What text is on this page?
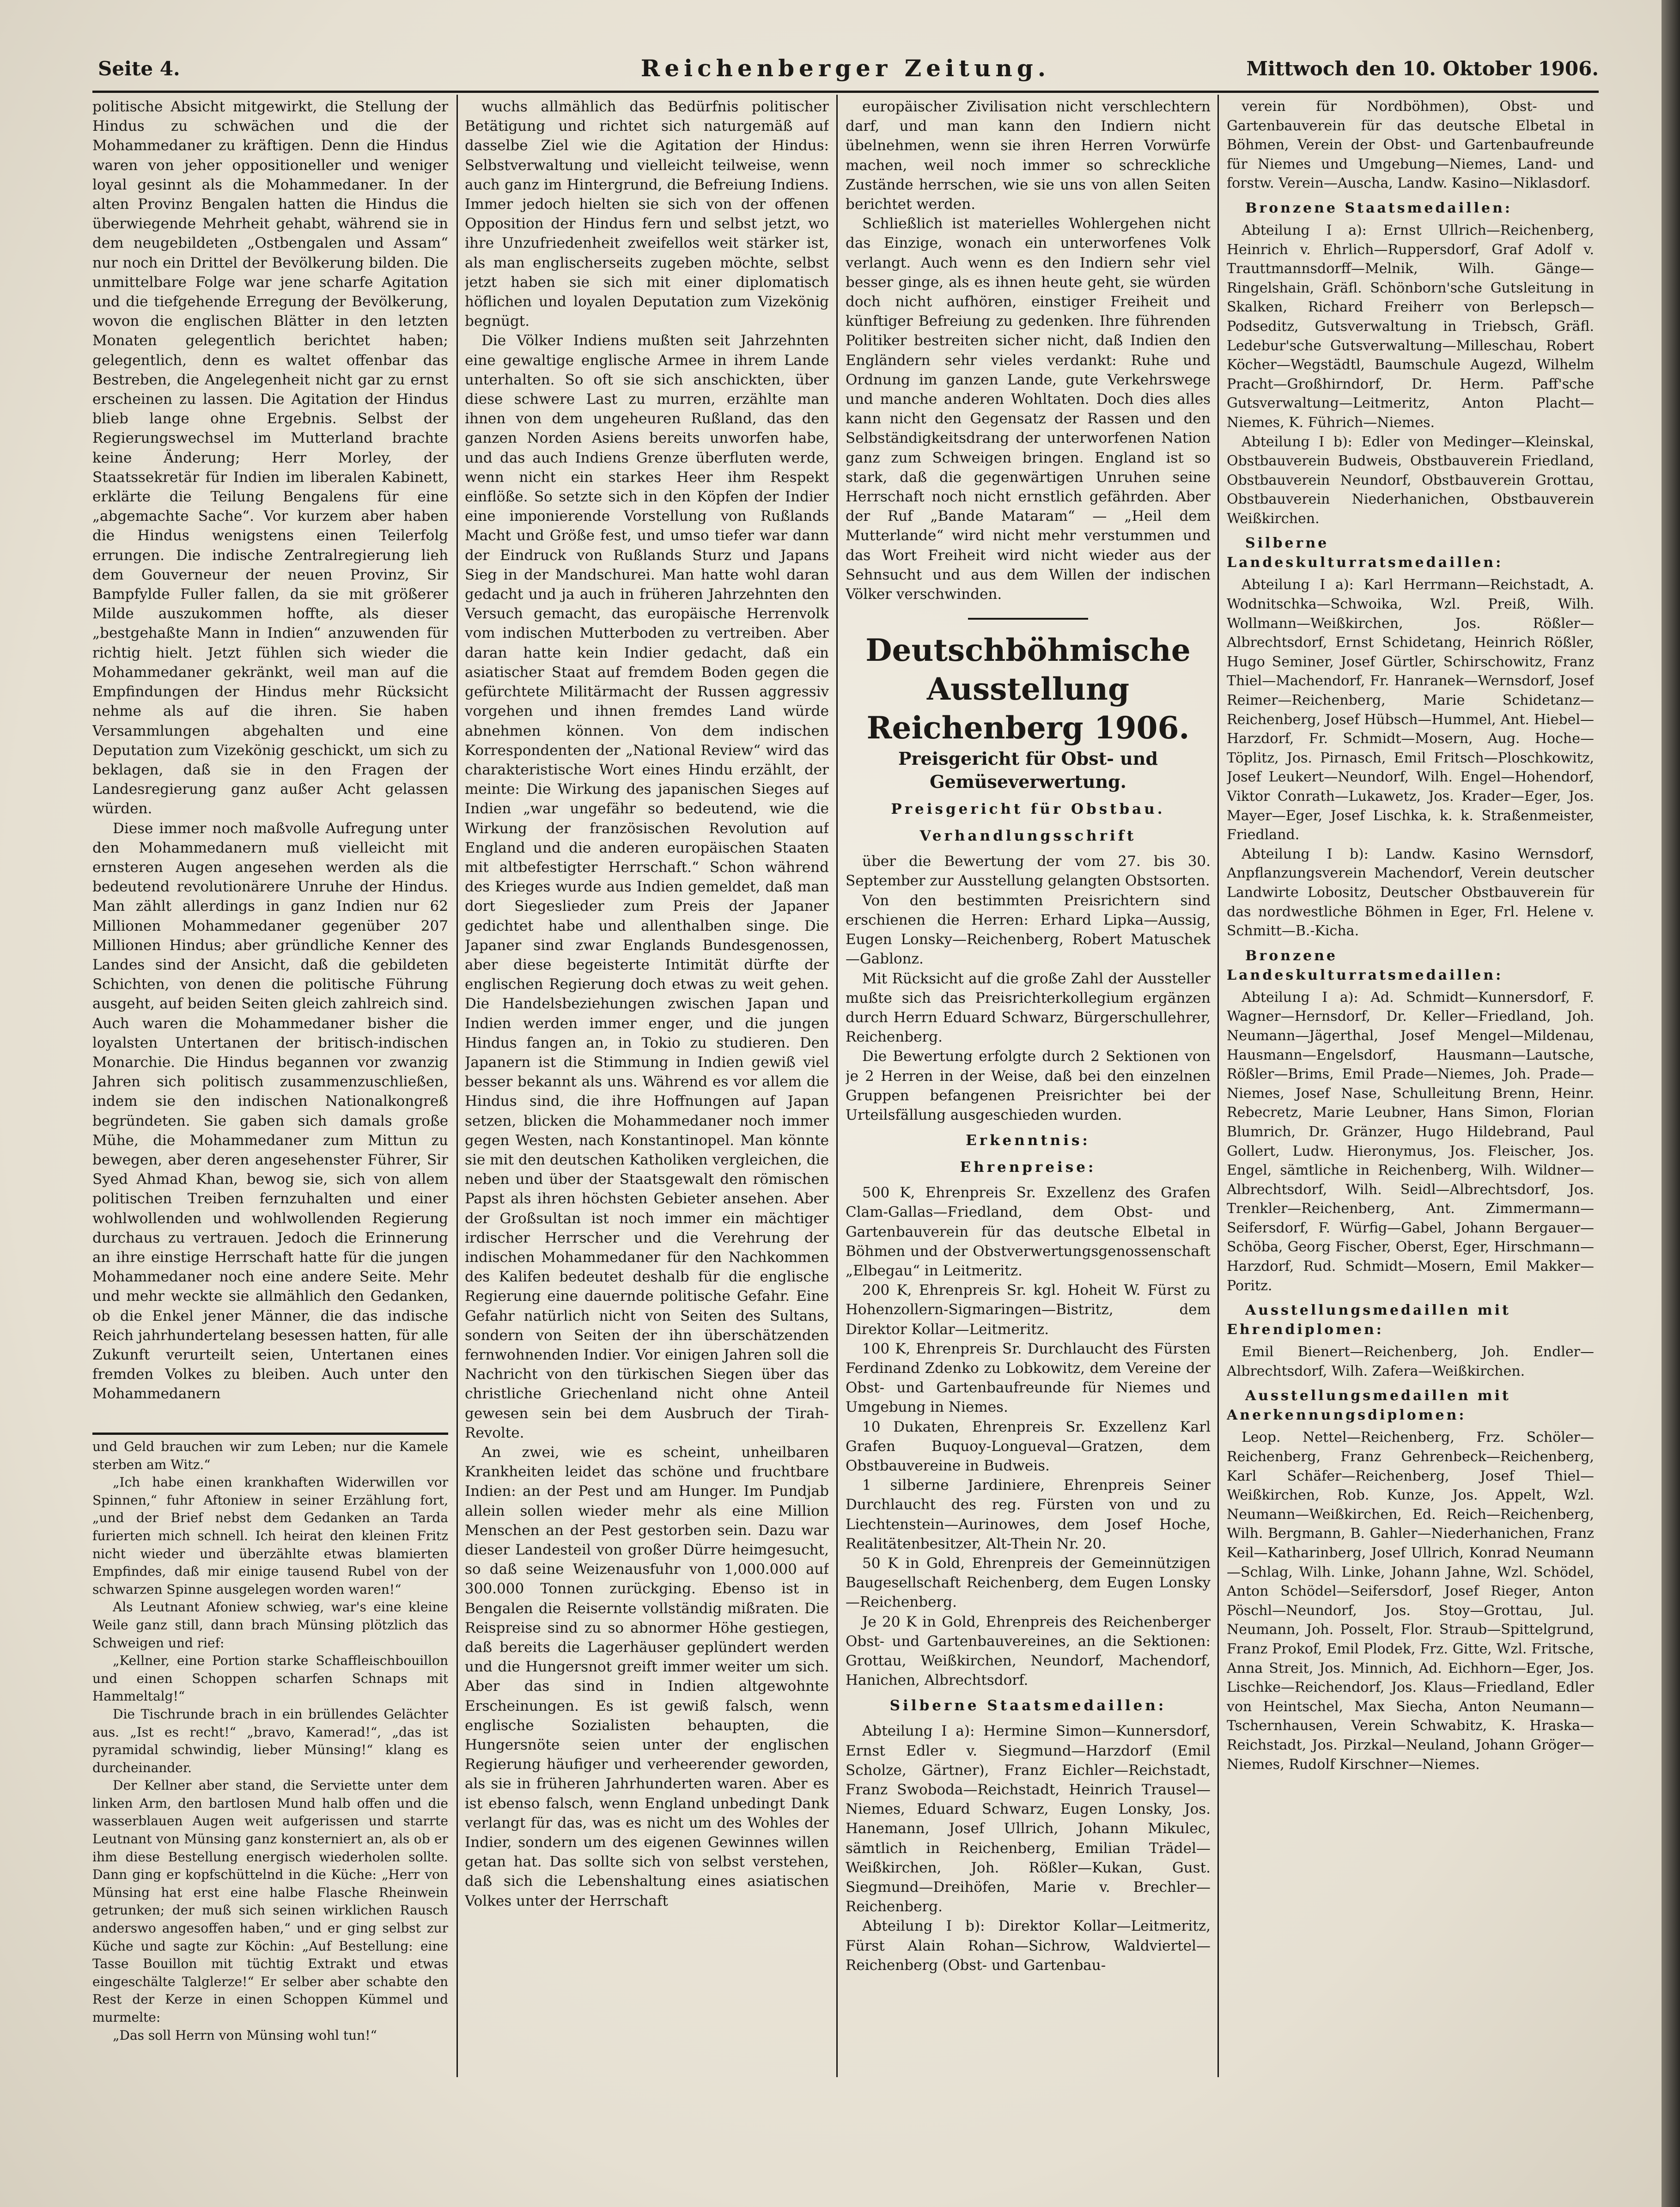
Seite 4.	Reichenberger Zeitung.	Mittwoch den 10. Oktober 1906.

politische Absicht mitgewirkt, die Stellung der Hindus zu schwächen und die der Mohammedaner zu kräftigen. Denn die Hindus waren von jeher oppositioneller und weniger loyal gesinnt als die Mohammedaner. In der alten Provinz Bengalen hatten die Hindus die überwiegende Mehrheit gehabt, während sie in dem neugebildeten „Ostbengalen und Assam“ nur noch ein Drittel der Bevölkerung bilden. Die unmittelbare Folge war jene scharfe Agitation und die tiefgehende Erregung der Bevölkerung, wovon die englischen Blätter in den letzten Monaten gelegentlich berichtet haben; gelegentlich, denn es waltet offenbar das Bestreben, die Angelegenheit nicht gar zu ernst erscheinen zu lassen. Die Agitation der Hindus blieb lange ohne Ergebnis. Selbst der Regierungswechsel im Mutterland brachte keine Änderung; Herr Morley, der Staatssekretär für Indien im liberalen Kabinett, erklärte die Teilung Bengalens für eine „abgemachte Sache“. Vor kurzem aber haben die Hindus wenigstens einen Teilerfolg errungen. Die indische Zentralregierung lieh dem Gouverneur der neuen Provinz, Sir Bampfylde Fuller fallen, da sie mit größerer Milde auszukommen hoffte, als dieser „bestgehaßte Mann in Indien“ anzuwenden für richtig hielt. Jetzt fühlen sich wieder die Mohammedaner gekränkt, weil man auf die Empfindungen der Hindus mehr Rücksicht nehme als auf die ihren. Sie haben Versammlungen abgehalten und eine Deputation zum Vizekönig geschickt, um sich zu beklagen, daß sie in den Fragen der Landesregierung ganz außer Acht gelassen würden.

Diese immer noch maßvolle Aufregung unter den Mohammedanern muß vielleicht mit ernsteren Augen angesehen werden als die bedeutend revolutionärere Unruhe der Hindus. Man zählt allerdings in ganz Indien nur 62 Millionen Mohammedaner gegenüber 207 Millionen Hindus; aber gründliche Kenner des Landes sind der Ansicht, daß die gebildeten Schichten, von denen die politische Führung ausgeht, auf beiden Seiten gleich zahlreich sind. Auch waren die Mohammedaner bisher die loyalsten Untertanen der britisch-indischen Monarchie. Die Hindus begannen vor zwanzig Jahren sich politisch zusammenzuschließen, indem sie den indischen Nationalkongreß begründeten. Sie gaben sich damals große Mühe, die Mohammedaner zum Mittun zu bewegen, aber deren angesehenster Führer, Sir Syed Ahmad Khan, bewog sie, sich von allem politischen Treiben fernzuhalten und einer wohlwollenden und wohlwollenden Regierung durchaus zu vertrauen. Jedoch die Erinnerung an ihre einstige Herrschaft hatte für die jungen Mohammedaner noch eine andere Seite. Mehr und mehr weckte sie allmählich den Gedanken, ob die Enkel jener Männer, die das indische Reich jahrhundertelang besessen hatten, für alle Zukunft verurteilt seien, Untertanen eines fremden Volkes zu bleiben. Auch unter den Mohammedanern

und Geld brauchen wir zum Leben; nur die Kamele sterben am Witz.“

„Ich habe einen krankhaften Widerwillen vor Spinnen,“ fuhr Aftoniew in seiner Erzählung fort, „und der Brief nebst dem Gedanken an Tarda furierten mich schnell. Ich heirat den kleinen Fritz nicht wieder und überzählte etwas blamierten Empfindes, daß mir einige tausend Rubel von der schwarzen Spinne ausgelegen worden waren!“

Als Leutnant Afoniew schwieg, war's eine kleine Weile ganz still, dann brach Münsing plötzlich das Schweigen und rief:

„Kellner, eine Portion starke Schaffleischbouillon und einen Schoppen scharfen Schnaps mit Hammeltalg!“

Die Tischrunde brach in ein brüllendes Gelächter aus. „Ist es recht!“ „bravo, Kamerad!“, „das ist pyramidal schwindig, lieber Münsing!“ klang es durcheinander.

Der Kellner aber stand, die Serviette unter dem linken Arm, den bartlosen Mund halb offen und die wasserblauen Augen weit aufgerissen und starrte Leutnant von Münsing ganz konsterniert an, als ob er ihm diese Bestellung energisch wiederholen sollte. Dann ging er kopfschüttelnd in die Küche: „Herr von Münsing hat erst eine halbe Flasche Rheinwein getrunken; der muß sich seinen wirklichen Rausch anderswo angesoffen haben,“ und er ging selbst zur Küche und sagte zur Köchin: „Auf Bestellung: eine Tasse Bouillon mit tüchtig Extrakt und etwas eingeschälte Talglerze!“ Er selber aber schabte den Rest der Kerze in einen Schoppen Kümmel und murmelte:

„Das soll Herrn von Münsing wohl tun!“

wuchs allmählich das Bedürfnis politischer Betätigung und richtet sich naturgemäß auf dasselbe Ziel wie die Agitation der Hindus: Selbstverwaltung und vielleicht teilweise, wenn auch ganz im Hintergrund, die Befreiung Indiens. Immer jedoch hielten sie sich von der offenen Opposition der Hindus fern und selbst jetzt, wo ihre Unzufriedenheit zweifellos weit stärker ist, als man englischerseits zugeben möchte, selbst jetzt haben sie sich mit einer diplomatisch höflichen und loyalen Deputation zum Vizekönig begnügt.

Die Völker Indiens mußten seit Jahrzehnten eine gewaltige englische Armee in ihrem Lande unterhalten. So oft sie sich anschickten, über diese schwere Last zu murren, erzählte man ihnen von dem ungeheuren Rußland, das den ganzen Norden Asiens bereits unworfen habe, und das auch Indiens Grenze überfluten werde, wenn nicht ein starkes Heer ihm Respekt einflöße. So setzte sich in den Köpfen der Indier eine imponierende Vorstellung von Rußlands Macht und Größe fest, und umso tiefer war dann der Eindruck von Rußlands Sturz und Japans Sieg in der Mandschurei. Man hatte wohl daran gedacht und ja auch in früheren Jahrzehnten den Versuch gemacht, das europäische Herrenvolk vom indischen Mutterboden zu vertreiben. Aber daran hatte kein Indier gedacht, daß ein asiatischer Staat auf fremdem Boden gegen die gefürchtete Militärmacht der Russen aggressiv vorgehen und ihnen fremdes Land würde abnehmen können. Von dem indischen Korrespondenten der „National Review“ wird das charakteristische Wort eines Hindu erzählt, der meinte: Die Wirkung des japanischen Sieges auf Indien „war ungefähr so bedeutend, wie die Wirkung der französischen Revolution auf England und die anderen europäischen Staaten mit altbefestigter Herrschaft.“ Schon während des Krieges wurde aus Indien gemeldet, daß man dort Siegeslieder zum Preis der Japaner gedichtet habe und allenthalben singe. Die Japaner sind zwar Englands Bundesgenossen, aber diese begeisterte Intimität dürfte der englischen Regierung doch etwas zu weit gehen. Die Handelsbeziehungen zwischen Japan und Indien werden immer enger, und die jungen Hindus fangen an, in Tokio zu studieren. Den Japanern ist die Stimmung in Indien gewiß viel besser bekannt als uns. Während es vor allem die Hindus sind, die ihre Hoffnungen auf Japan setzen, blicken die Mohammedaner noch immer gegen Westen, nach Konstantinopel. Man könnte sie mit den deutschen Katholiken vergleichen, die neben und über der Staatsgewalt den römischen Papst als ihren höchsten Gebieter ansehen. Aber der Großsultan ist noch immer ein mächtiger irdischer Herrscher und die Verehrung der indischen Mohammedaner für den Nachkommen des Kalifen bedeutet deshalb für die englische Regierung eine dauernde politische Gefahr. Eine Gefahr natürlich nicht von Seiten des Sultans, sondern von Seiten der ihn überschätzenden fernwohnenden Indier. Vor einigen Jahren soll die Nachricht von den türkischen Siegen über das christliche Griechenland nicht ohne Anteil gewesen sein bei dem Ausbruch der Tirah-Revolte.

An zwei, wie es scheint, unheilbaren Krankheiten leidet das schöne und fruchtbare Indien: an der Pest und am Hunger. Im Pundjab allein sollen wieder mehr als eine Million Menschen an der Pest gestorben sein. Dazu war dieser Landesteil von großer Dürre heimgesucht, so daß seine Weizenausfuhr von 1,000.000 auf 300.000 Tonnen zurückging. Ebenso ist in Bengalen die Reisernte vollständig mißraten. Die Reispreise sind zu so abnormer Höhe gestiegen, daß bereits die Lagerhäuser geplündert werden und die Hungersnot greift immer weiter um sich. Aber das sind in Indien altgewohnte Erscheinungen. Es ist gewiß falsch, wenn englische Sozialisten behaupten, die Hungersnöte seien unter der englischen Regierung häufiger und verheerender geworden, als sie in früheren Jahrhunderten waren. Aber es ist ebenso falsch, wenn England unbedingt Dank verlangt für das, was es nicht um des Wohles der Indier, sondern um des eigenen Gewinnes willen getan hat. Das sollte sich von selbst verstehen, daß sich die Lebenshaltung eines asiatischen Volkes unter der Herrschaft

europäischer Zivilisation nicht verschlechtern darf, und man kann den Indiern nicht übelnehmen, wenn sie ihren Herren Vorwürfe machen, weil noch immer so schreckliche Zustände herrschen, wie sie uns von allen Seiten berichtet werden.

Schließlich ist materielles Wohlergehen nicht das Einzige, wonach ein unterworfenes Volk verlangt. Auch wenn es den Indiern sehr viel besser ginge, als es ihnen heute geht, sie würden doch nicht aufhören, einstiger Freiheit und künftiger Befreiung zu gedenken. Ihre führenden Politiker bestreiten sicher nicht, daß Indien den Engländern sehr vieles verdankt: Ruhe und Ordnung im ganzen Lande, gute Verkehrswege und manche anderen Wohltaten. Doch dies alles kann nicht den Gegensatz der Rassen und den Selbständigkeitsdrang der unterworfenen Nation ganz zum Schweigen bringen. England ist so stark, daß die gegenwärtigen Unruhen seine Herrschaft noch nicht ernstlich gefährden. Aber der Ruf „Bande Mataram“ — „Heil dem Mutterlande“ wird nicht mehr verstummen und das Wort Freiheit wird nicht wieder aus der Sehnsucht und aus dem Willen der indischen Völker verschwinden.

Deutschböhmische Ausstellung Reichenberg 1906.
Preisgericht für Obst- und Gemüseverwertung.
Preisgericht für Obstbau.
Verhandlungsschrift

über die Bewertung der vom 27. bis 30. September zur Ausstellung gelangten Obstsorten.

Von den bestimmten Preisrichtern sind erschienen die Herren: Erhard Lipka—Aussig, Eugen Lonsky—Reichenberg, Robert Matuschek—Gablonz.

Mit Rücksicht auf die große Zahl der Aussteller mußte sich das Preisrichterkollegium ergänzen durch Herrn Eduard Schwarz, Bürgerschullehrer, Reichenberg.

Die Bewertung erfolgte durch 2 Sektionen von je 2 Herren in der Weise, daß bei den einzelnen Gruppen befangenen Preisrichter bei der Urteilsfällung ausgeschieden wurden.

Erkenntnis:
Ehrenpreise:

500 K, Ehrenpreis Sr. Exzellenz des Grafen Clam-Gallas—Friedland, dem Obst- und Gartenbauverein für das deutsche Elbetal in Böhmen und der Obstverwertungsgenossenschaft „Elbegau“ in Leitmeritz.

200 K, Ehrenpreis Sr. kgl. Hoheit W. Fürst zu Hohenzollern-Sigmaringen—Bistritz, dem Direktor Kollar—Leitmeritz.

100 K, Ehrenpreis Sr. Durchlaucht des Fürsten Ferdinand Zdenko zu Lobkowitz, dem Vereine der Obst- und Gartenbaufreunde für Niemes und Umgebung in Niemes.

10 Dukaten, Ehrenpreis Sr. Exzellenz Karl Grafen Buquoy-Longueval—Gratzen, dem Obstbauvereine in Budweis.

1 silberne Jardiniere, Ehrenpreis Seiner Durchlaucht des reg. Fürsten von und zu Liechtenstein—Aurinowes, dem Josef Hoche, Realitätenbesitzer, Alt-Thein Nr. 20.

50 K in Gold, Ehrenpreis der Gemeinnützigen Baugesellschaft Reichenberg, dem Eugen Lonsky—Reichenberg.

Je 20 K in Gold, Ehrenpreis des Reichenberger Obst- und Gartenbauvereines, an die Sektionen: Grottau, Weißkirchen, Neundorf, Machendorf, Hanichen, Albrechtsdorf.

Silberne Staatsmedaillen:

Abteilung I a): Hermine Simon—Kunnersdorf, Ernst Edler v. Siegmund—Harzdorf (Emil Scholze, Gärtner), Franz Eichler—Reichstadt, Franz Swoboda—Reichstadt, Heinrich Trausel—Niemes, Eduard Schwarz, Eugen Lonsky, Jos. Hanemann, Josef Ullrich, Johann Mikulec, sämtlich in Reichenberg, Emilian Trädel—Weißkirchen, Joh. Rößler—Kukan, Gust. Siegmund—Dreihöfen, Marie v. Brechler—Reichenberg.

Abteilung I b): Direktor Kollar—Leitmeritz, Fürst Alain Rohan—Sichrow, Waldviertel—Reichenberg (Obst- und Gartenbau-

verein für Nordböhmen), Obst- und Gartenbauverein für das deutsche Elbetal in Böhmen, Verein der Obst- und Gartenbaufreunde für Niemes und Umgebung—Niemes, Land- und forstw. Verein—Auscha, Landw. Kasino—Niklasdorf.

Bronzene Staatsmedaillen:

Abteilung I a): Ernst Ullrich—Reichenberg, Heinrich v. Ehrlich—Ruppersdorf, Graf Adolf v. Trauttmannsdorff—Melnik, Wilh. Gänge—Ringelshain, Gräfl. Schönborn'sche Gutsleitung in Skalken, Richard Freiherr von Berlepsch—Podseditz, Gutsverwaltung in Triebsch, Gräfl. Ledebur'sche Gutsverwaltung—Milleschau, Robert Köcher—Wegstädtl, Baumschule Augezd, Wilhelm Pracht—Großhirndorf, Dr. Herm. Paff'sche Gutsverwaltung—Leitmeritz, Anton Placht—Niemes, K. Führich—Niemes.

Abteilung I b): Edler von Medinger—Kleinskal, Obstbauverein Budweis, Obstbauverein Friedland, Obstbauverein Neundorf, Obstbauverein Grottau, Obstbauverein Niederhanichen, Obstbauverein Weißkirchen.

Silberne Landeskulturratsmedaillen:

Abteilung I a): Karl Herrmann—Reichstadt, A. Wodnitschka—Schwoika, Wzl. Preiß, Wilh. Wollmann—Weißkirchen, Jos. Rößler—Albrechtsdorf, Ernst Schidetang, Heinrich Rößler, Hugo Seminer, Josef Gürtler, Schirschowitz, Franz Thiel—Machendorf, Fr. Hanranek—Wernsdorf, Josef Reimer—Reichenberg, Marie Schidetanz—Reichenberg, Josef Hübsch—Hummel, Ant. Hiebel—Harzdorf, Fr. Schmidt—Mosern, Aug. Hoche—Töplitz, Jos. Pirnasch, Emil Fritsch—Ploschkowitz, Josef Leukert—Neundorf, Wilh. Engel—Hohendorf, Viktor Conrath—Lukawetz, Jos. Krader—Eger, Jos. Mayer—Eger, Josef Lischka, k. k. Straßenmeister, Friedland.

Abteilung I b): Landw. Kasino Wernsdorf, Anpflanzungsverein Machendorf, Verein deutscher Landwirte Lobositz, Deutscher Obstbauverein für das nordwestliche Böhmen in Eger, Frl. Helene v. Schmitt—B.-Kicha.

Bronzene Landeskulturratsmedaillen:

Abteilung I a): Ad. Schmidt—Kunnersdorf, F. Wagner—Hernsdorf, Dr. Keller—Friedland, Joh. Neumann—Jägerthal, Josef Mengel—Mildenau, Hausmann—Engelsdorf, Hausmann—Lautsche, Rößler—Brims, Emil Prade—Niemes, Joh. Prade—Niemes, Josef Nase, Schulleitung Brenn, Heinr. Rebecretz, Marie Leubner, Hans Simon, Florian Blumrich, Dr. Gränzer, Hugo Hildebrand, Paul Gollert, Ludw. Hieronymus, Jos. Fleischer, Jos. Engel, sämtliche in Reichenberg, Wilh. Wildner—Albrechtsdorf, Wilh. Seidl—Albrechtsdorf, Jos. Trenkler—Reichenberg, Ant. Zimmermann—Seifersdorf, F. Würfig—Gabel, Johann Bergauer—Schöba, Georg Fischer, Oberst, Eger, Hirschmann—Harzdorf, Rud. Schmidt—Mosern, Emil Makker—Poritz.

Ausstellungsmedaillen mit Ehrendiplomen:

Emil Bienert—Reichenberg, Joh. Endler—Albrechtsdorf, Wilh. Zafera—Weißkirchen.

Ausstellungsmedaillen mit Anerkennungsdiplomen:

Leop. Nettel—Reichenberg, Frz. Schöler—Reichenberg, Franz Gehrenbeck—Reichenberg, Karl Schäfer—Reichenberg, Josef Thiel—Weißkirchen, Rob. Kunze, Jos. Appelt, Wzl. Neumann—Weißkirchen, Ed. Reich—Reichenberg, Wilh. Bergmann, B. Gahler—Niederhanichen, Franz Keil—Katharinberg, Josef Ullrich, Konrad Neumann—Schlag, Wilh. Linke, Johann Jahne, Wzl. Schödel, Anton Schödel—Seifersdorf, Josef Rieger, Anton Pöschl—Neundorf, Jos. Stoy—Grottau, Jul. Neumann, Joh. Posselt, Flor. Straub—Spittelgrund, Franz Prokof, Emil Plodek, Frz. Gitte, Wzl. Fritsche, Anna Streit, Jos. Minnich, Ad. Eichhorn—Eger, Jos. Lischke—Reichendorf, Jos. Klaus—Friedland, Edler von Heintschel, Max Siecha, Anton Neumann—Tschernhausen, Verein Schwabitz, K. Hraska—Reichstadt, Jos. Pirzkal—Neuland, Johann Gröger—Niemes, Rudolf Kirschner—Niemes.
